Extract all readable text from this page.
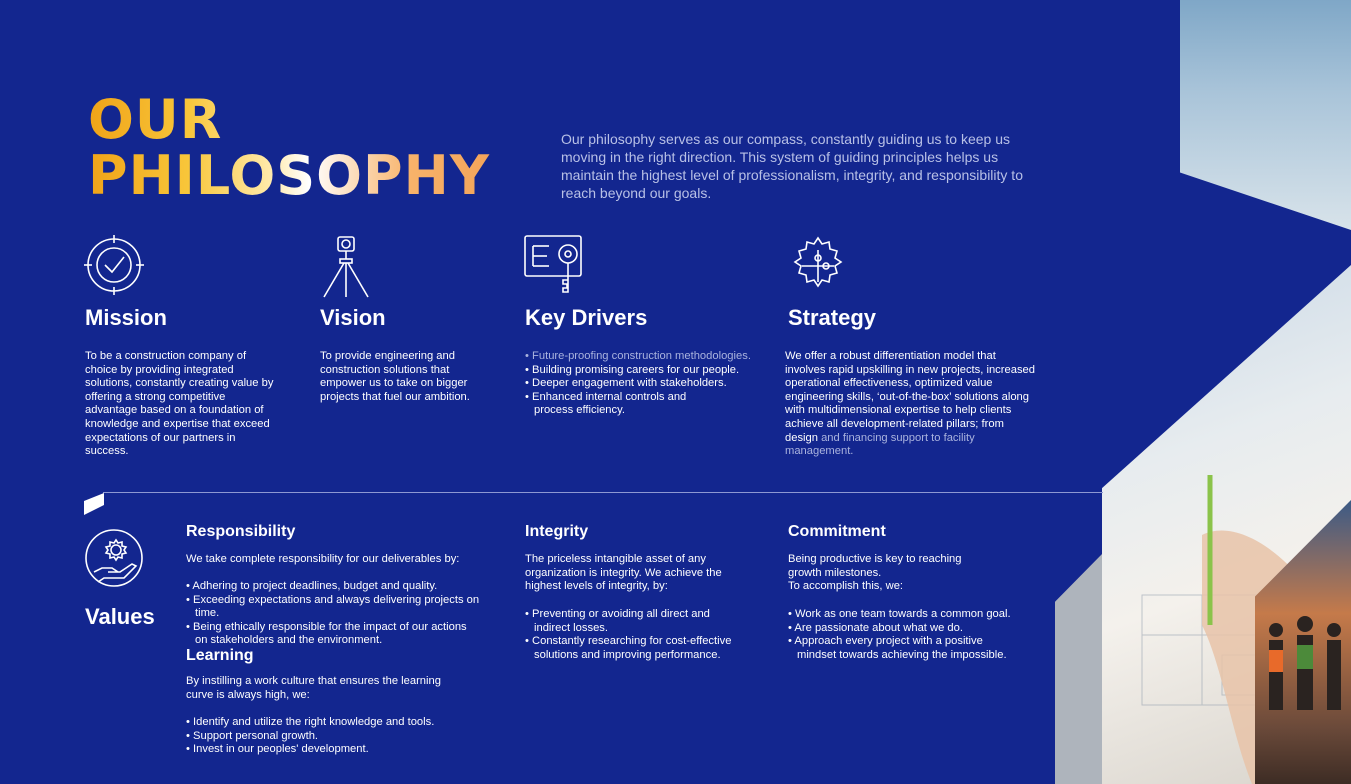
OUR
PHILOSOPHY

Our philosophy serves as our compass, constantly guiding us to keep us moving in the right direction. This system of guiding principles helps us maintain the highest level of professionalism, integrity, and responsibility to reach beyond our goals.

Mission

To be a construction company of choice by providing integrated solutions, constantly creating value by offering a strong competitive advantage based on a foundation of knowledge and expertise that exceed expectations of our partners in success.

Vision

To provide engineering and construction solutions that empower us to take on bigger projects that fuel our ambition.

Key Drivers
• Future-proofing construction methodologies.
• Building promising careers for our people.
• Deeper engagement with stakeholders.
• Enhanced internal controls and process efficiency.
Strategy

We offer a robust differentiation model that involves rapid upskilling in new projects, increased operational effectiveness, optimized value engineering skills, ‘out-of-the-box’ solutions along with multidimensional expertise to help clients achieve all development-related pillars; from design and financing support to facility management.

Values
Responsibility

We take complete responsibility for our deliverables by:

• Adhering to project deadlines, budget and quality.
• Exceeding expectations and always delivering projects on time.
• Being ethically responsible for the impact of our actions on stakeholders and the environment.
Learning

By instilling a work culture that ensures the learning curve is always high, we:

• Identify and utilize the right knowledge and tools.
• Support personal growth.
• Invest in our peoples' development.
Integrity

The priceless intangible asset of any organization is integrity. We achieve the highest levels of integrity, by:

• Preventing or avoiding all direct and indirect losses.
• Constantly researching for cost-effective solutions and improving performance.
Commitment

Being productive is key to reaching growth milestones.
To accomplish this, we:

• Work as one team towards a common goal.
• Are passionate about what we do.
• Approach every project with a positive mindset towards achieving the impossible.
